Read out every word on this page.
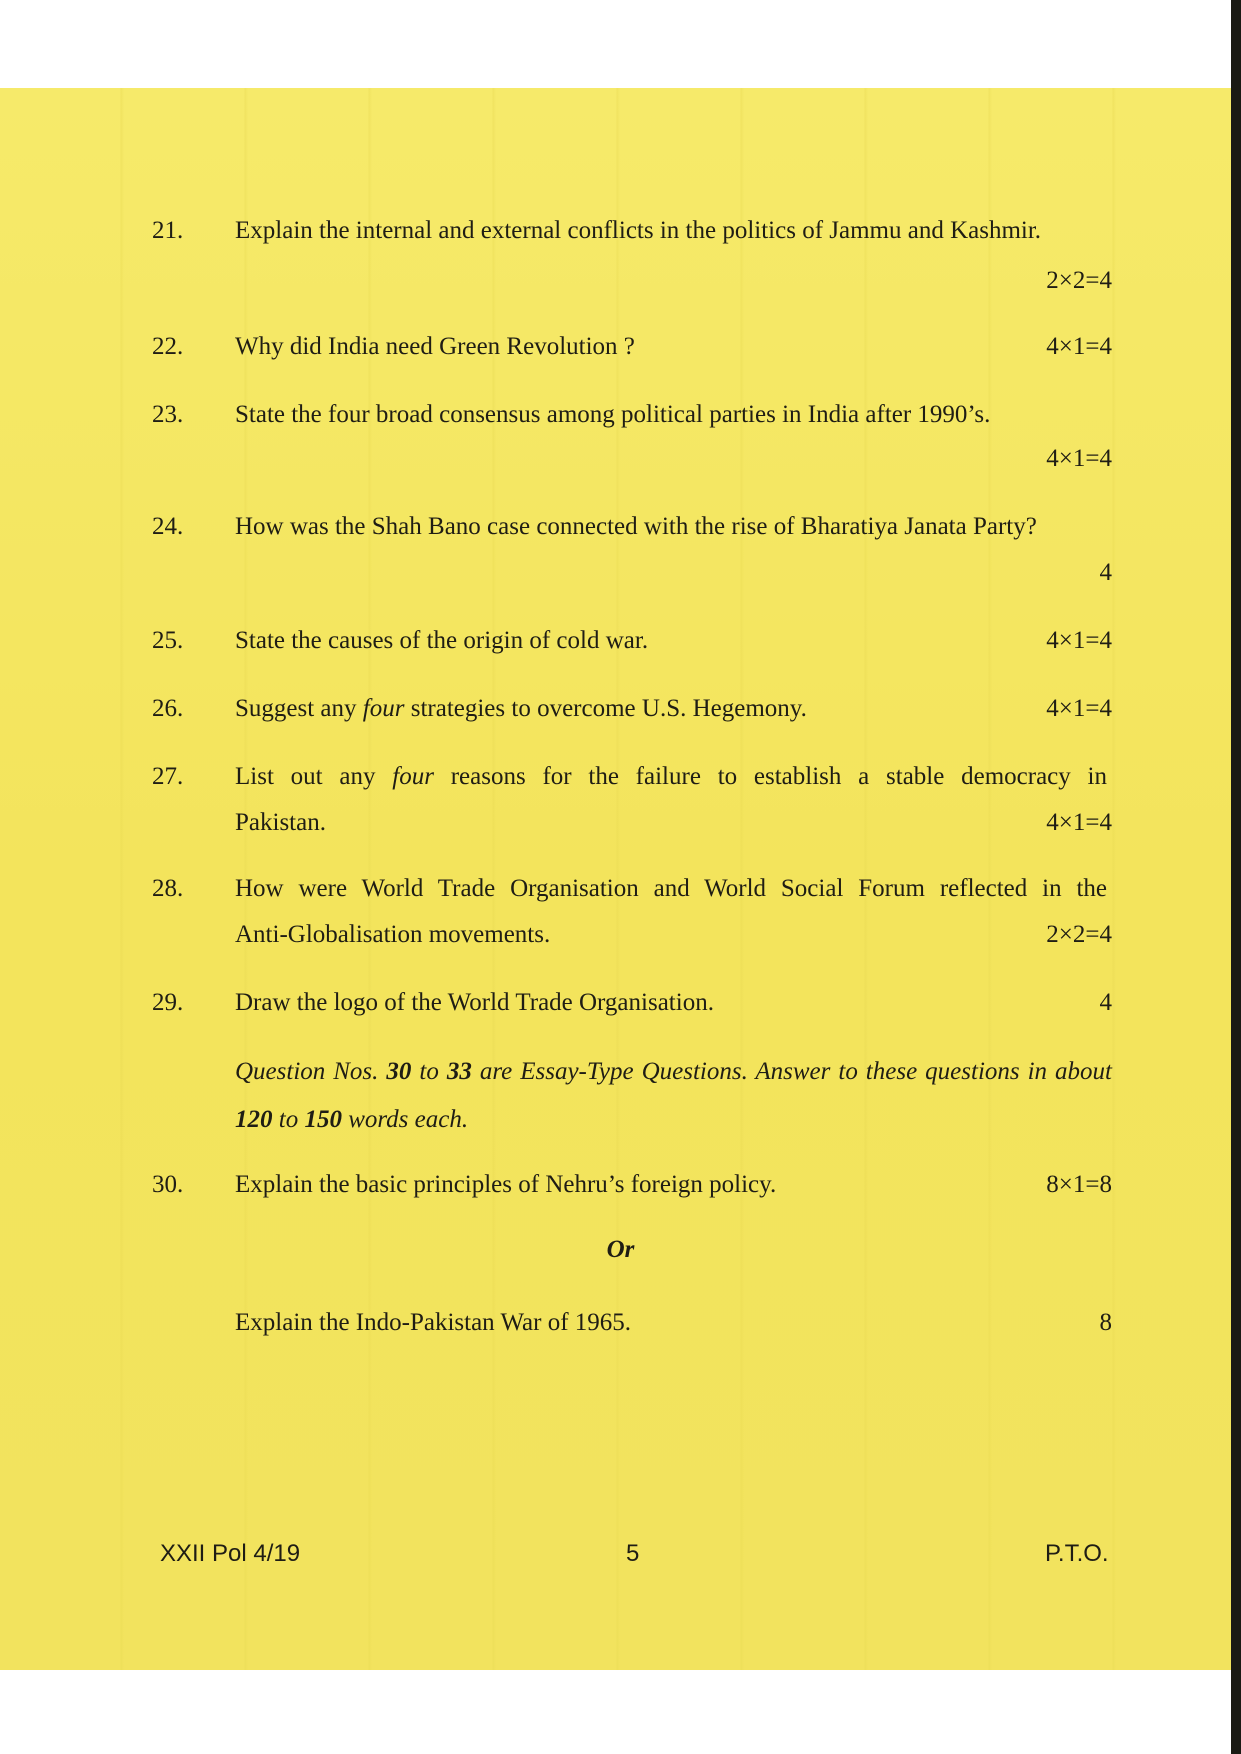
21.	Explain the internal and external conflicts in the politics of Jammu and Kashmir.
2×2=4
22.	Why did India need Green Revolution ?	4×1=4
23.	State the four broad consensus among political parties in India after 1990’s.
4×1=4
24.	How was the Shah Bano case connected with the rise of Bharatiya Janata Party?
4
25.	State the causes of the origin of cold war.	4×1=4
26.	Suggest any four strategies to overcome U.S. Hegemony.	4×1=4
27.	List out any four reasons for the failure to establish a stable democracy in
Pakistan.	4×1=4
28.	How were World Trade Organisation and World Social Forum reflected in the
Anti-Globalisation movements.	2×2=4
29.	Draw the logo of the World Trade Organisation.	4
Question Nos. 30 to 33 are Essay-Type Questions. Answer to these questions in about 120 to 150 words each.
30.	Explain the basic principles of Nehru’s foreign policy.	8×1=8
Or
Explain the Indo-Pakistan War of 1965.	8
XXII Pol 4/19	5	P.T.O.
